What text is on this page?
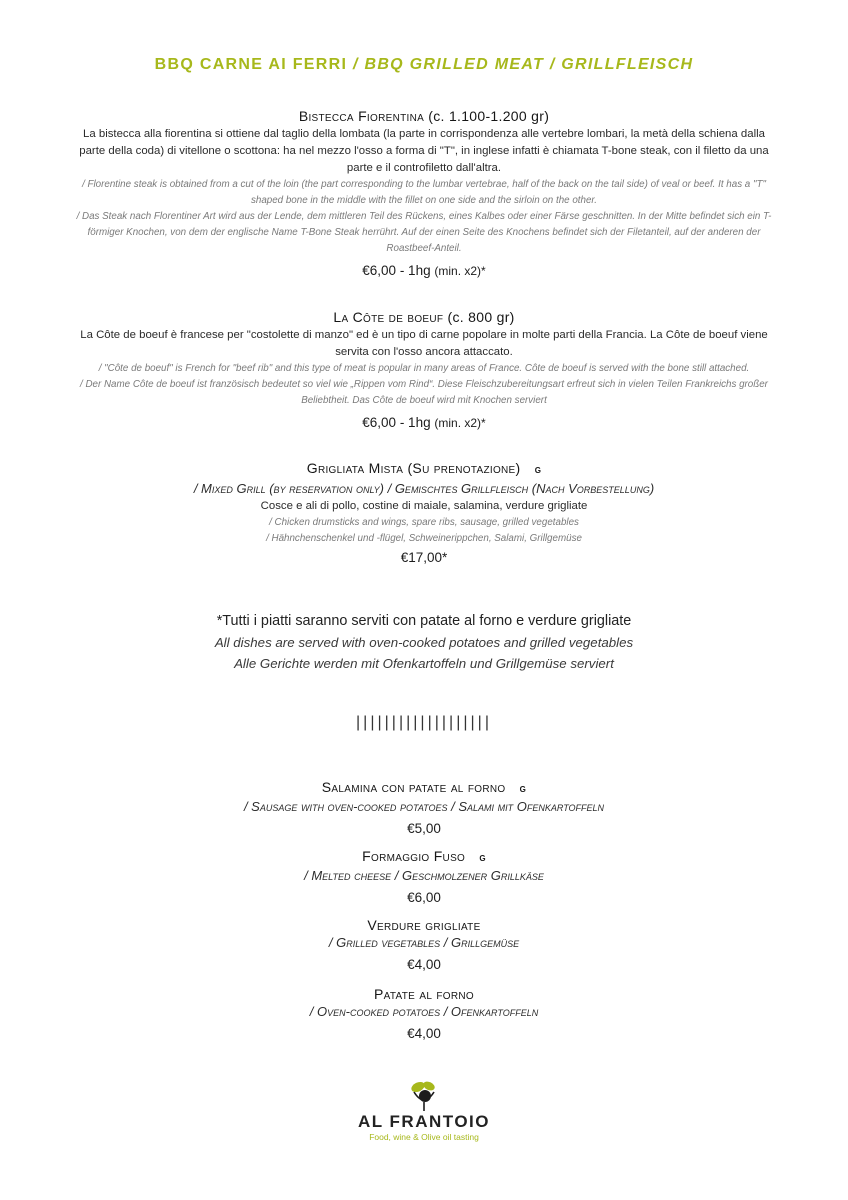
BBQ CARNE AI FERRI / BBQ GRILLED MEAT / GRILLFLEISCH
Bistecca Fiorentina (c. 1.100-1.200 gr)
La bistecca alla fiorentina si ottiene dal taglio della lombata (la parte in corrispondenza alle vertebre lombari, la metà della schiena dalla parte della coda) di vitellone o scottona: ha nel mezzo l'osso a forma di "T", in inglese infatti è chiamata T-bone steak, con il filetto da una parte e il controfiletto dall'altra.
/ Florentine steak is obtained from a cut of the loin (the part corresponding to the lumbar vertebrae, half of the back on the tail side) of veal or beef. It has a "T" shaped bone in the middle with the fillet on one side and the sirloin on the other.
/ Das Steak nach Florentiner Art wird aus der Lende, dem mittleren Teil des Rückens, eines Kalbes oder einer Färse geschnitten. In der Mitte befindet sich ein T-förmiger Knochen, von dem der englische Name T-Bone Steak herrührt. Auf der einen Seite des Knochens befindet sich der Filetanteil, auf der anderen der Roastbeef-Anteil.
€6,00 - 1hg (min. x2)*
La Côte de boeuf (c. 800 gr)
La Côte de boeuf è francese per "costolette di manzo" ed è un tipo di carne popolare in molte parti della Francia. La Côte de boeuf viene servita con l'osso ancora attaccato.
/ "Côte de boeuf" is French for "beef rib" and this type of meat is popular in many areas of France. Côte de boeuf is served with the bone still attached.
/ Der Name Côte de boeuf ist französisch bedeutet so viel wie „Rippen vom Rind“. Diese Fleischzubereitungsart erfreut sich in vielen Teilen Frankreichs großer Beliebtheit. Das Côte de boeuf wird mit Knochen serviert
€6,00 - 1hg (min. x2)*
Grigliata Mista (Su prenotazione) g
/ Mixed Grill (by reservation only) / Gemischtes Grillfleisch (Nach Vorbestellung)
Cosce e ali di pollo, costine di maiale, salamina, verdure grigliate
/ Chicken drumsticks and wings, spare ribs, sausage, grilled vegetables
/ Hähnchenschenkel und -flügel, Schweinerippchen, Salami, Grillgemüse
€17,00*
*Tutti i piatti saranno serviti con patate al forno e verdure grigliate
All dishes are served with oven-cooked potatoes and grilled vegetables
Alle Gerichte werden mit Ofenkartoffeln und Grillgemüse serviert
|||||||||||||||||||
Salamina con patate al forno g
/ Sausage with oven-cooked potatoes / Salami mit Ofenkartoffeln
€5,00
Formaggio Fuso g
/ Melted cheese / Geschmolzener Grillkäse
€6,00
Verdure grigliate
/ Grilled vegetables / Grillgemüse
€4,00
Patate al forno
/ Oven-cooked potatoes / Ofenkartoffeln
€4,00
AL FRANTOIO
Food, wine & Olive oil tasting
